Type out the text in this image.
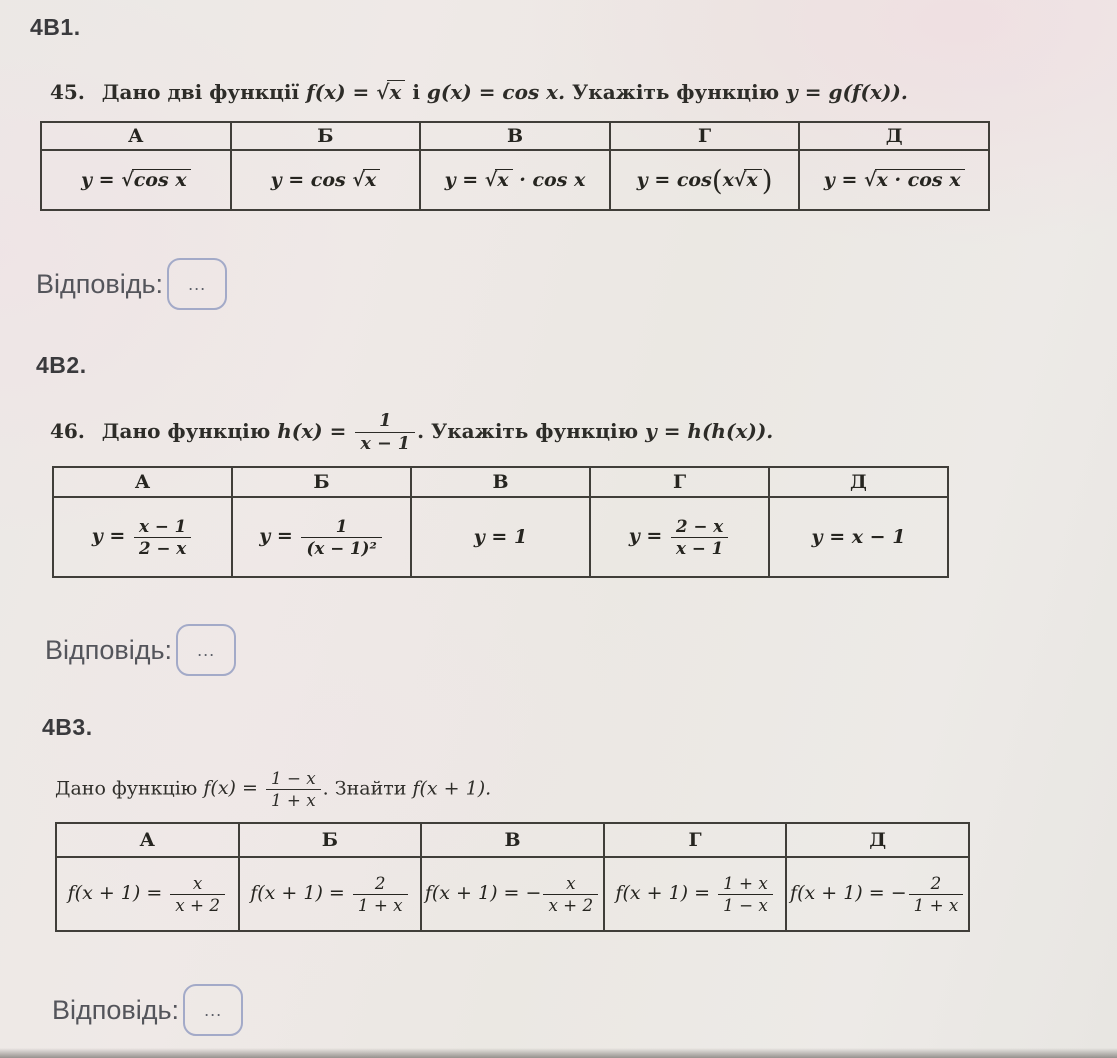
4B1.
45. Дано дві функції f(x) = √x і g(x) = cos x. Укажіть функцію y = g(f(x)).
А	Б	В	Г	Д
y = √cos x	y = cos √x	y = √x · cos x	y = cos(x√x )	y = √x · cos x
Відповідь: ...
4B2.
46. Дано функцію $h(x) = \frac{1}{x - 1}$ . Укажіть функцію y = h(h(x)).
А	Б	В	Г	Д
$y = \frac{x - 1}{2 - x}$	$y = \frac{1}{\text{(x − 1)²}}$	y = 1	$y = \frac{2 - x}{x - 1}$	y = x − 1
Відповідь: ...
4B3.
Дано функцію $f(x) = \frac{1 - x}{1 + x}$ . Знайти f(x + 1).
А	Б	В	Г	Д
$f(x + 1) = \frac{x}{x + 2}$	$f(x + 1) = \frac{2}{1 + x}$	f(x + 1) = − $\frac{x}{x + 2}$	$f(x + 1) = \frac{1 + x}{1 - x}$	f(x + 1) = − $\frac{2}{1 + x}$
Відповідь: ...
